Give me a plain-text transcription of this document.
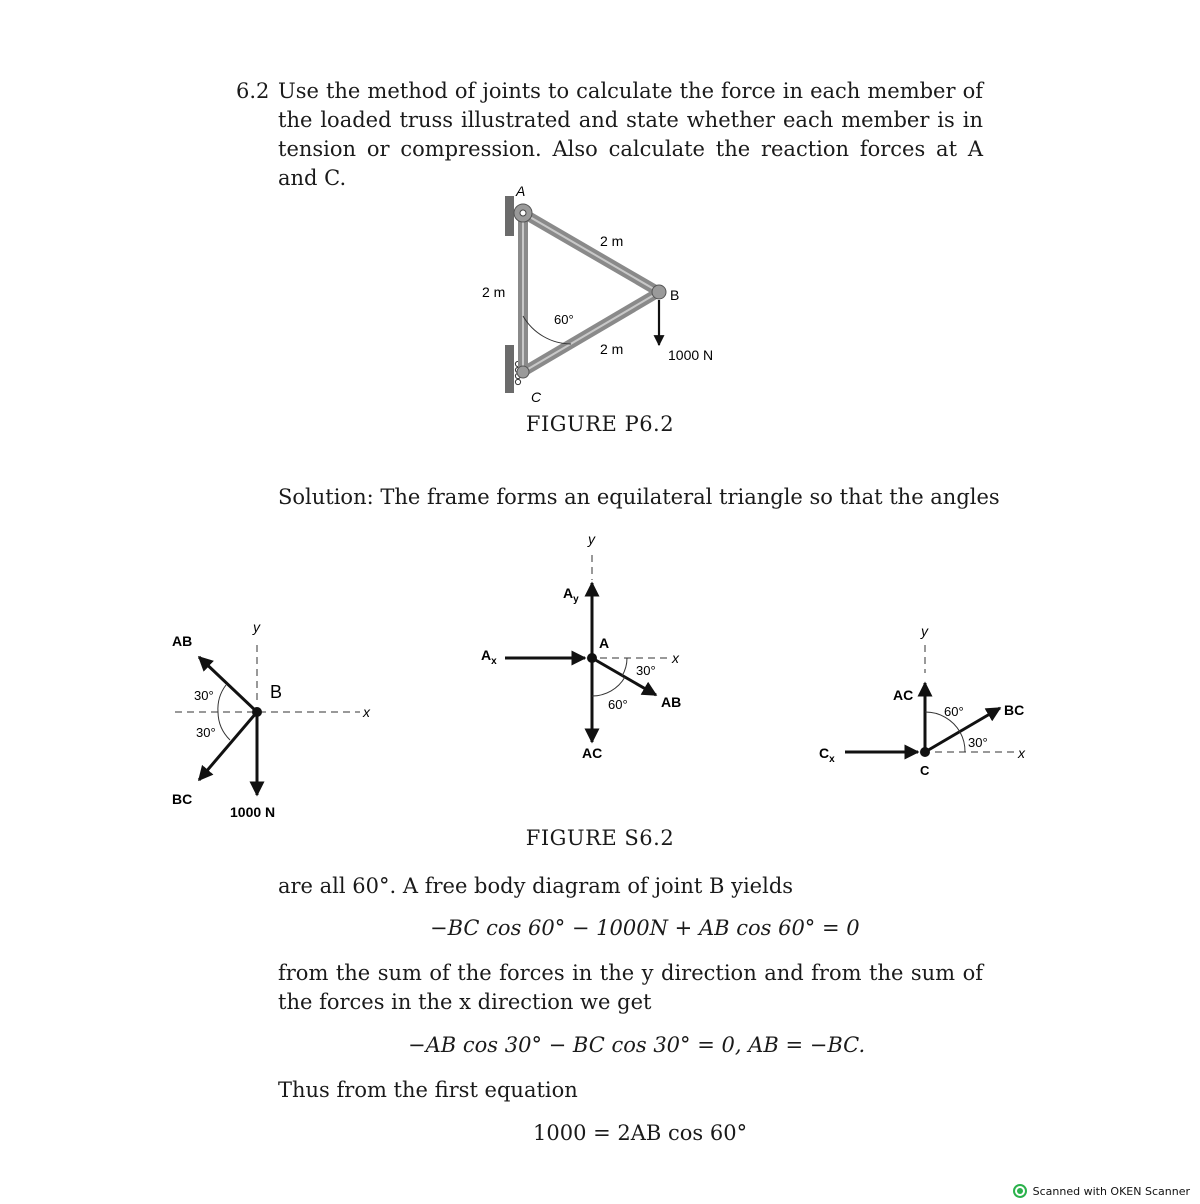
6.2 Use the method of joints to calculate the force in each member of the loaded truss illustrated and state whether each member is in tension or compression. Also calculate the reaction forces at A and C.

A
B
C
2 m
2 m
2 m
60°
1000 N
y
x
AB
BC
B
30°
30°
1000 N
y
x
A
$A_y$
$A_x$
30°
60° AB
AC
y
x
AC
BC
C
$C_x$
60°
30°

FIGURE P6.2

FIGURE S6.2

Solution: The frame forms an equilateral triangle so that the angles

are all 60°. A free body diagram of joint B yields

−BC cos 60° − 1000N + AB cos 60° = 0

from the sum of the forces in the y direction and from the sum of the forces in the x direction we get

−AB cos 30° − BC cos 30° = 0, AB = −BC.

Thus from the first equation

1000 = 2AB cos 60°

Scanned with OKEN Scanner
